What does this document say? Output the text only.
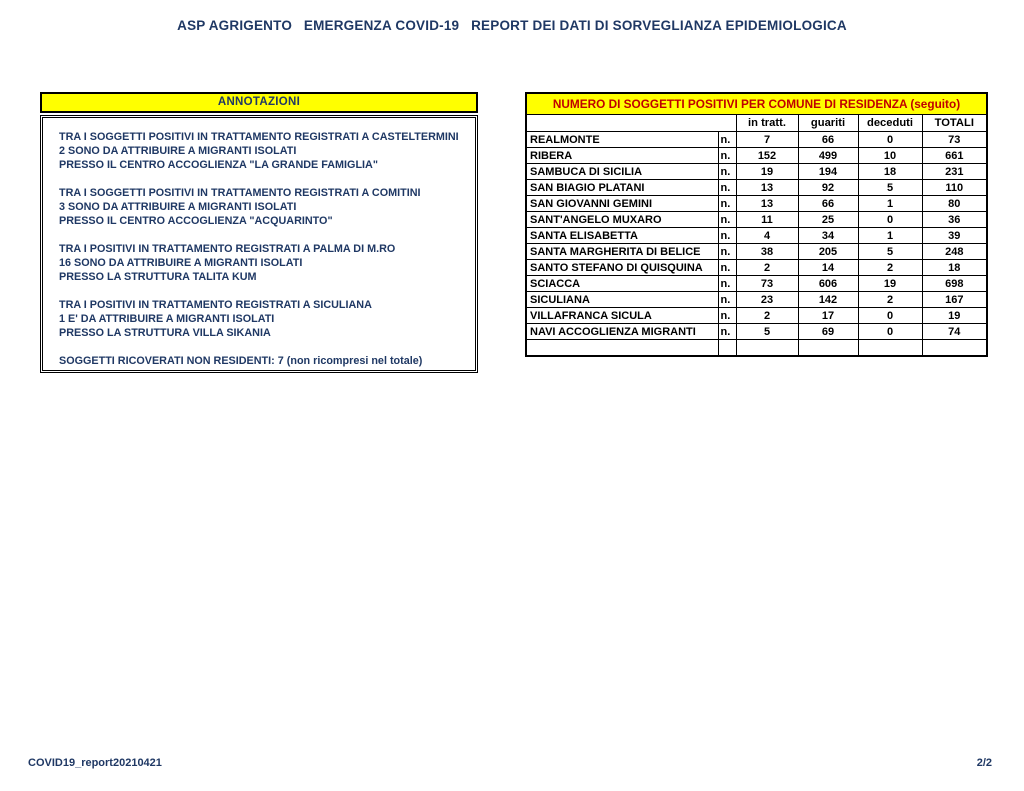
ASP AGRIGENTO   EMERGENZA COVID-19   REPORT DEI DATI DI SORVEGLIANZA EPIDEMIOLOGICA
ANNOTAZIONI
TRA I SOGGETTI POSITIVI IN TRATTAMENTO REGISTRATI A CASTELTERMINI
2 SONO DA ATTRIBUIRE A MIGRANTI ISOLATI
PRESSO IL CENTRO ACCOGLIENZA "LA GRANDE FAMIGLIA"
TRA I SOGGETTI POSITIVI IN TRATTAMENTO REGISTRATI A COMITINI
3 SONO DA ATTRIBUIRE A MIGRANTI ISOLATI
PRESSO IL CENTRO ACCOGLIENZA "ACQUARINTO"
TRA I POSITIVI IN TRATTAMENTO REGISTRATI A PALMA DI M.RO
16 SONO DA ATTRIBUIRE A MIGRANTI ISOLATI
PRESSO LA STRUTTURA TALITA KUM
TRA I POSITIVI IN TRATTAMENTO REGISTRATI A SICULIANA
1 E' DA ATTRIBUIRE A MIGRANTI ISOLATI
PRESSO LA STRUTTURA VILLA SIKANIA
SOGGETTI RICOVERATI NON RESIDENTI: 7 (non ricompresi nel totale)
NUMERO DI SOGGETTI POSITIVI PER COMUNE DI RESIDENZA (seguito)					
		in tratt.	guariti	deceduti	TOTALI
REALMONTE	n.	7	66	0	73
RIBERA	n.	152	499	10	661
SAMBUCA DI SICILIA	n.	19	194	18	231
SAN BIAGIO PLATANI	n.	13	92	5	110
SAN GIOVANNI GEMINI	n.	13	66	1	80
SANT'ANGELO MUXARO	n.	11	25	0	36
SANTA ELISABETTA	n.	4	34	1	39
SANTA MARGHERITA DI BELICE	n.	38	205	5	248
SANTO STEFANO DI QUISQUINA	n.	2	14	2	18
SCIACCA	n.	73	606	19	698
SICULIANA	n.	23	142	2	167
VILLAFRANCA SICULA	n.	2	17	0	19
NAVI ACCOGLIENZA MIGRANTI	n.	5	69	0	74

COVID19_report20210421	2/2
